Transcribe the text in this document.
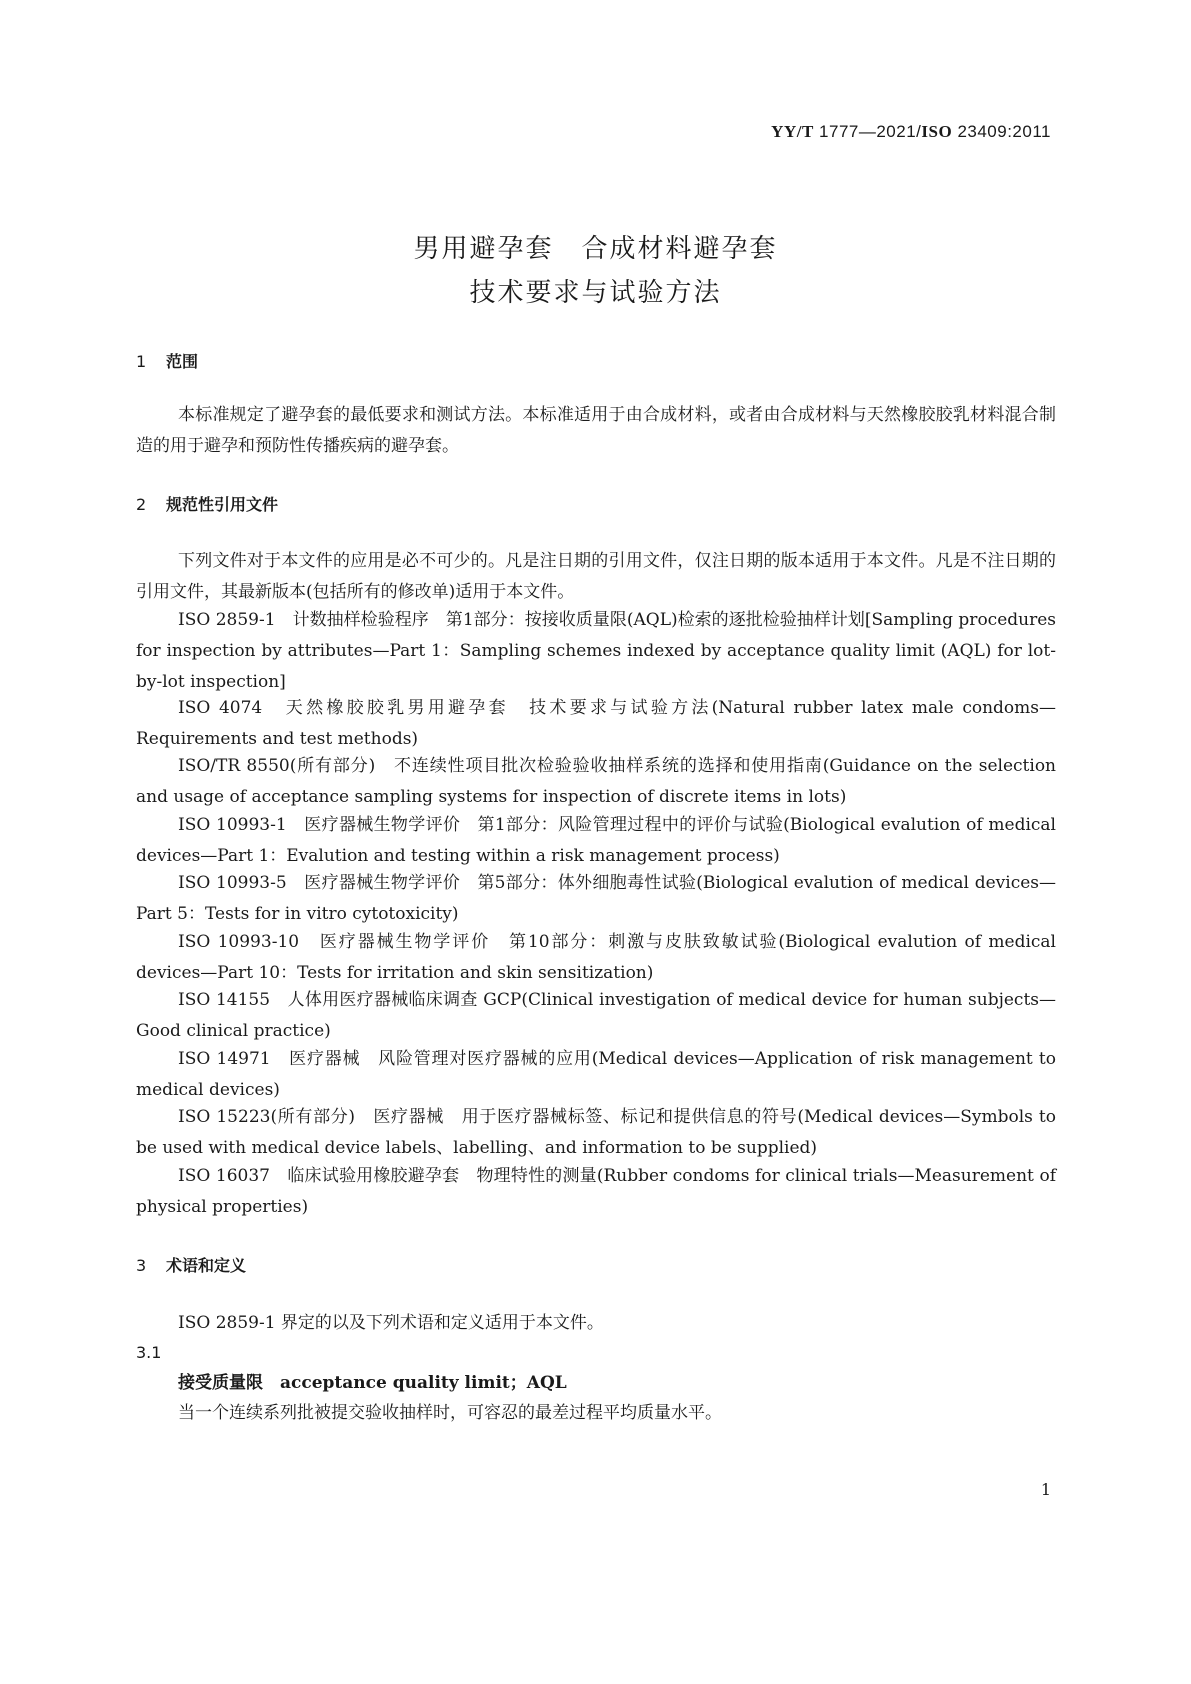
YY/T 1777—2021/ISO 23409:2011
男用避孕套　合成材料避孕套
技术要求与试验方法
1 范围
本标准规定了避孕套的最低要求和测试方法。本标准适用于由合成材料，或者由合成材料与天然橡胶胶乳材料混合制造的用于避孕和预防性传播疾病的避孕套。
2 规范性引用文件
下列文件对于本文件的应用是必不可少的。凡是注日期的引用文件，仅注日期的版本适用于本文件。凡是不注日期的引用文件，其最新版本(包括所有的修改单)适用于本文件。
ISO 2859-1　计数抽样检验程序　第1部分：按接收质量限(AQL)检索的逐批检验抽样计划[Sampling procedures for inspection by attributes—Part 1：Sampling schemes indexed by acceptance quality limit (AQL) for lot-by-lot inspection]
ISO 4074　天然橡胶胶乳男用避孕套　技术要求与试验方法(Natural rubber latex male condoms—Requirements and test methods)
ISO/TR 8550(所有部分)　不连续性项目批次检验验收抽样系统的选择和使用指南(Guidance on the selection and usage of acceptance sampling systems for inspection of discrete items in lots)
ISO 10993-1　医疗器械生物学评价　第1部分：风险管理过程中的评价与试验(Biological evalution of medical devices—Part 1：Evalution and testing within a risk management process)
ISO 10993-5　医疗器械生物学评价　第5部分：体外细胞毒性试验(Biological evalution of medical devices—Part 5：Tests for in vitro cytotoxicity)
ISO 10993-10　医疗器械生物学评价　第10部分：刺激与皮肤致敏试验(Biological evalution of medical devices—Part 10：Tests for irritation and skin sensitization)
ISO 14155　人体用医疗器械临床调查 GCP(Clinical investigation of medical device for human subjects—Good clinical practice)
ISO 14971　医疗器械　风险管理对医疗器械的应用(Medical devices—Application of risk management to medical devices)
ISO 15223(所有部分)　医疗器械　用于医疗器械标签、标记和提供信息的符号(Medical devices—Symbols to be used with medical device labels、labelling、and information to be supplied)
ISO 16037　临床试验用橡胶避孕套　物理特性的测量(Rubber condoms for clinical trials—Measurement of physical properties)
3 术语和定义
ISO 2859-1 界定的以及下列术语和定义适用于本文件。
3.1
接受质量限　acceptance quality limit；AQL
当一个连续系列批被提交验收抽样时，可容忍的最差过程平均质量水平。
1
